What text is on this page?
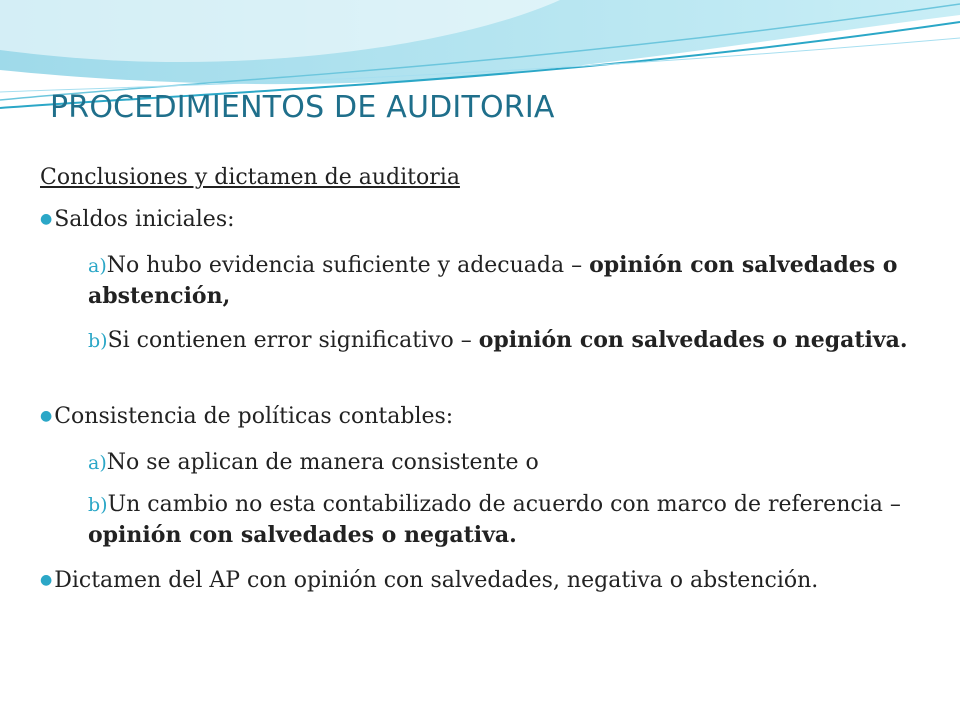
PROCEDIMIENTOS DE AUDITORIA
Conclusiones y dictamen de auditoria
●Saldos iniciales:
a)No hubo evidencia suficiente y adecuada – opinión con salvedades o abstención,
b)Si contienen error significativo – opinión con salvedades o negativa.
●Consistencia de políticas contables:
a)No se aplican de manera consistente o
b)Un cambio no esta contabilizado de acuerdo con marco de referencia – opinión con salvedades o negativa.
●Dictamen del AP con opinión con salvedades, negativa o abstención.
